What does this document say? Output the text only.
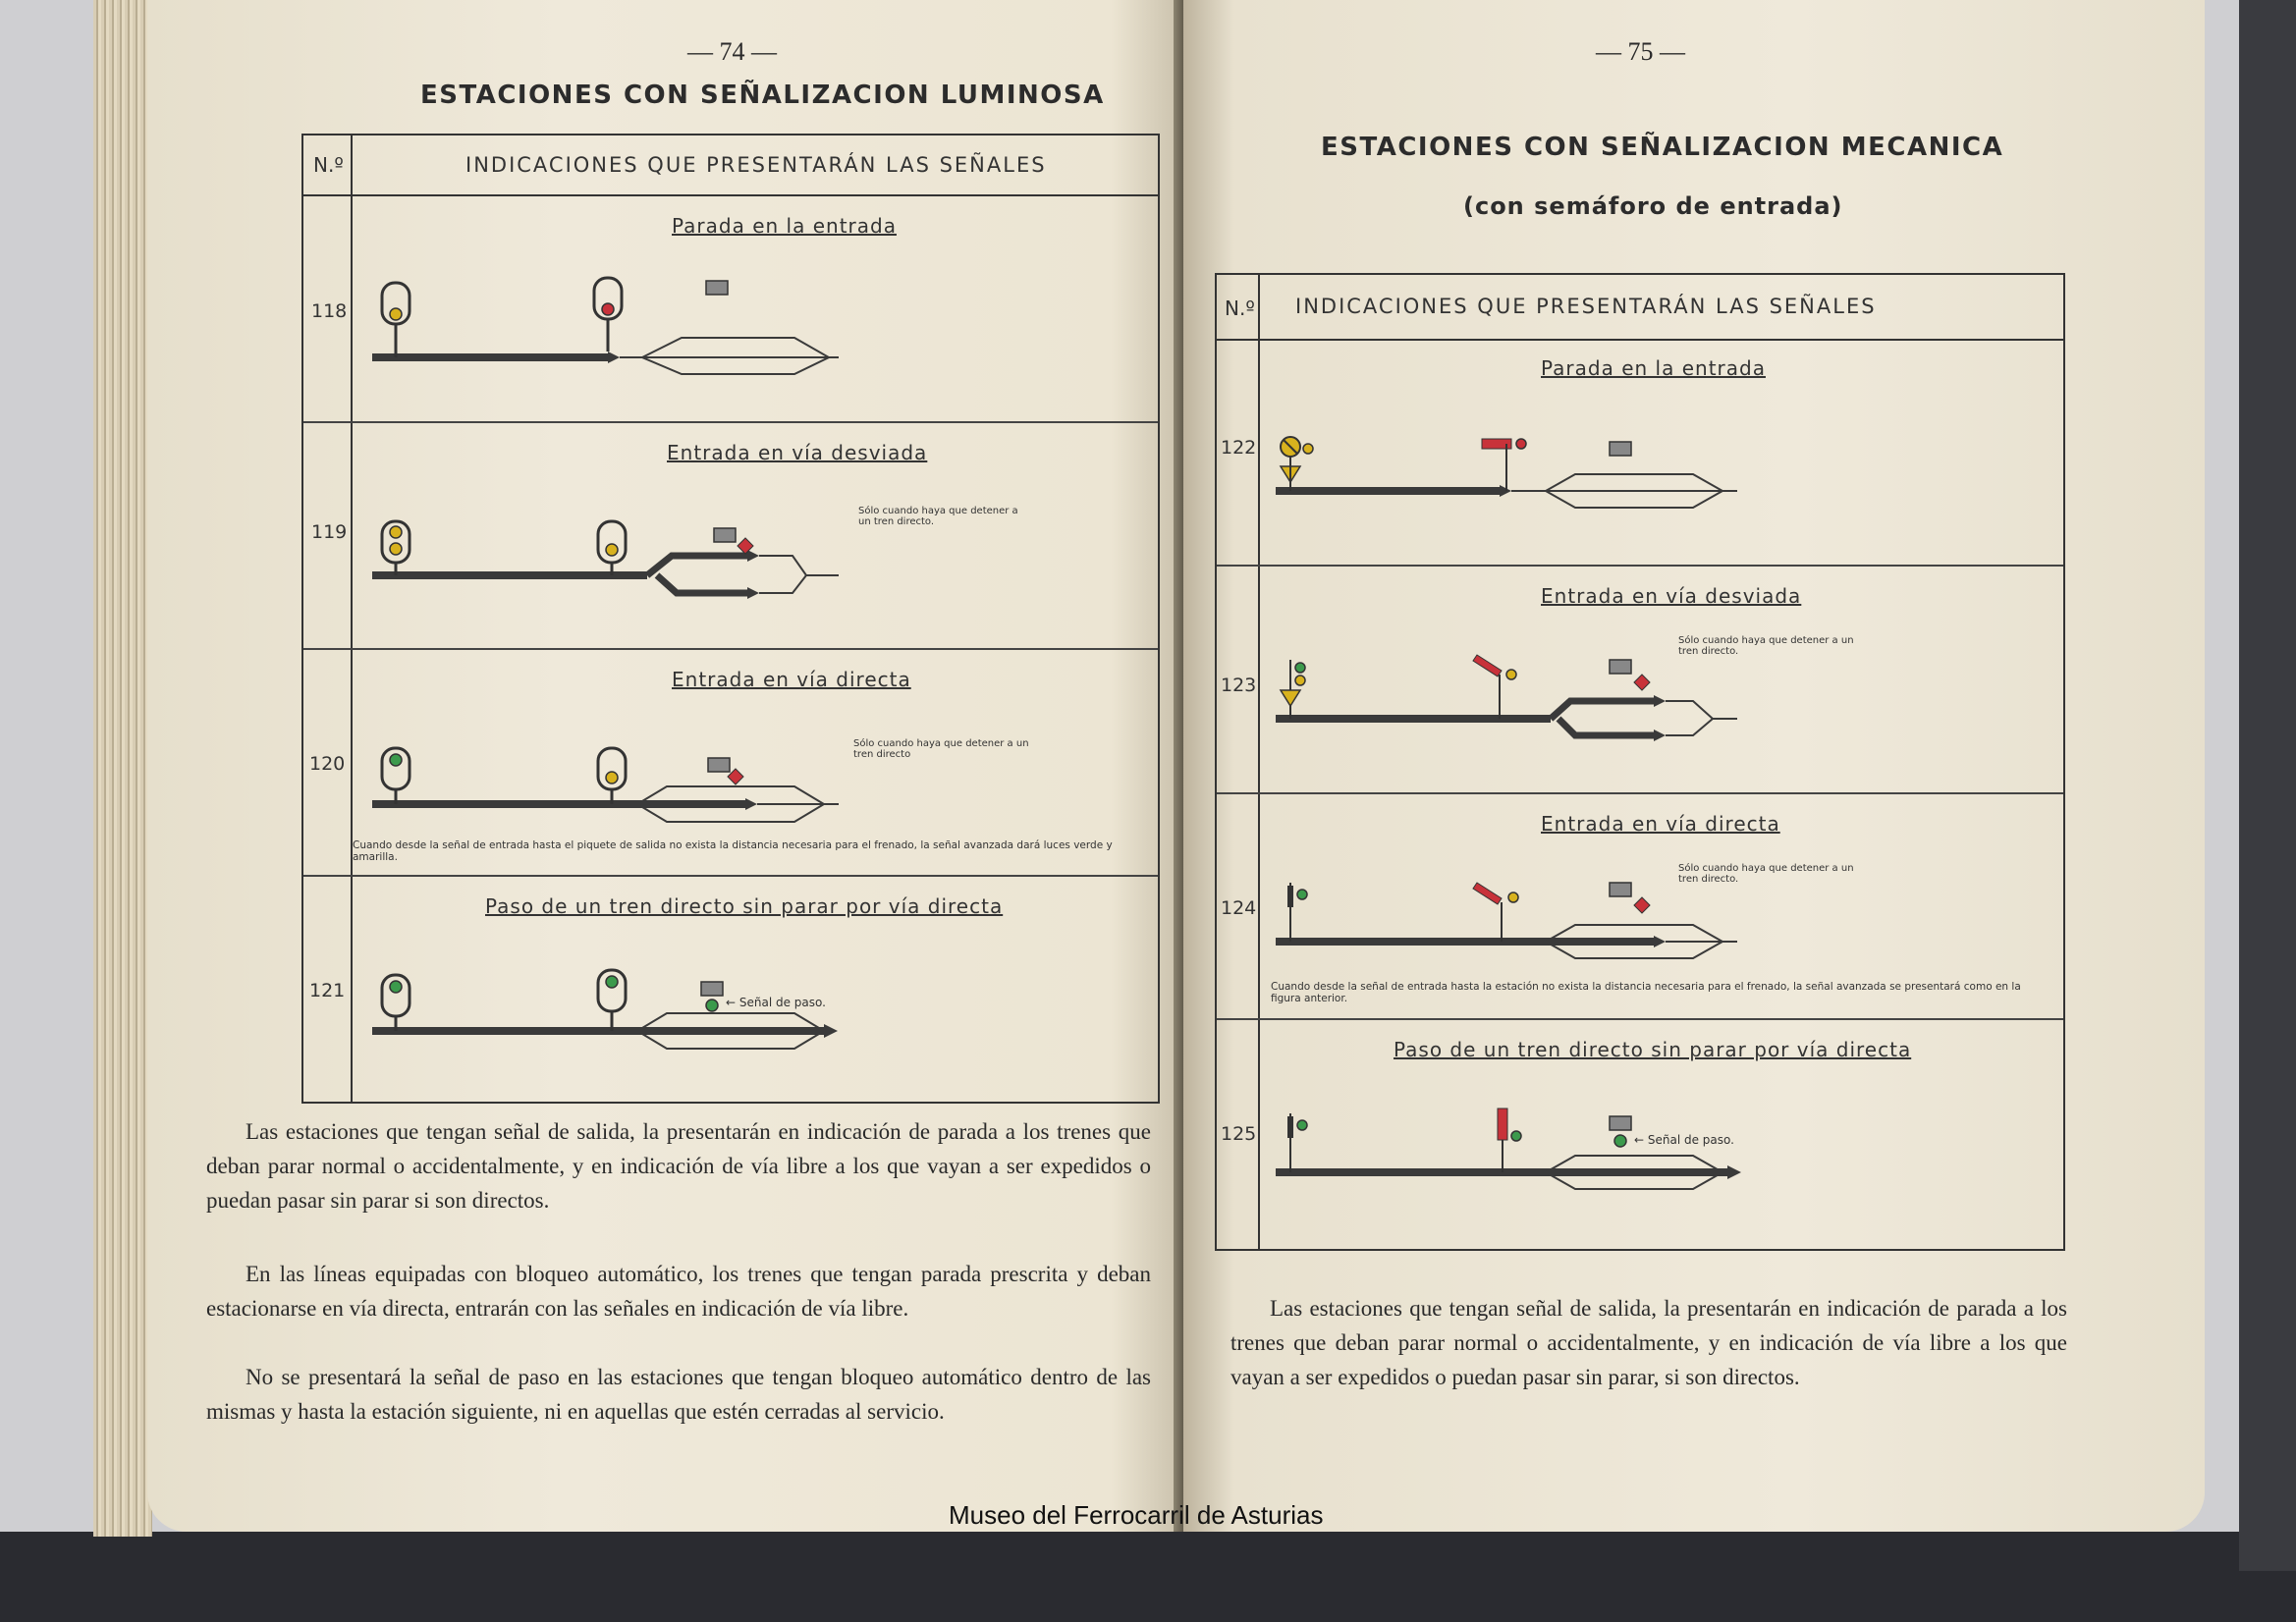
— 74 —
ESTACIONES CON SEÑALIZACION LUMINOSA
N.º	INDICACIONES QUE PRESENTARÁN LAS SEÑALES
118
Parada en la entrada
119
Entrada en vía desviada
Sólo cuando haya que detener a un tren directo.
120
Entrada en vía directa
Sólo cuando haya que detener a un tren directo
Cuando desde la señal de entrada hasta el piquete de salida no exista la distancia necesaria para el frenado, la señal avanzada dará luces verde y amarilla.
121
Paso de un tren directo sin parar por vía directa
← Señal de paso.
Las estaciones que tengan señal de salida, la presentarán en indicación de parada a los trenes que deban parar normal o accidentalmente, y en indicación de vía libre a los que vayan a ser expedidos o puedan pasar sin parar si son directos.
En las líneas equipadas con bloqueo automático, los trenes que tengan parada prescrita y deban estacionarse en vía directa, entrarán con las señales en indicación de vía libre.
No se presentará la señal de paso en las estaciones que tengan bloqueo automático dentro de las mismas y hasta la estación siguiente, ni en aquellas que estén cerradas al servicio.
— 75 —
ESTACIONES CON SEÑALIZACION MECANICA
(con semáforo de entrada)
N.º INDICACIONES QUE PRESENTARÁN LAS SEÑALES
122
Parada en la entrada
123
Entrada en vía desviada
Sólo cuando haya que detener a un tren directo.
124
Entrada en vía directa
Sólo cuando haya que detener a un tren directo.
Cuando desde la señal de entrada hasta la estación no exista la distancia necesaria para el frenado, la señal avanzada se presentará como en la figura anterior.
125
Paso de un tren directo sin parar por vía directa
← Señal de paso.
Las estaciones que tengan señal de salida, la presentarán en indicación de parada a los trenes que deban parar normal o accidentalmente, y en indicación de vía libre a los que vayan a ser expedidos o puedan pasar sin parar, si son directos.
Museo del Ferrocarril de Asturias
